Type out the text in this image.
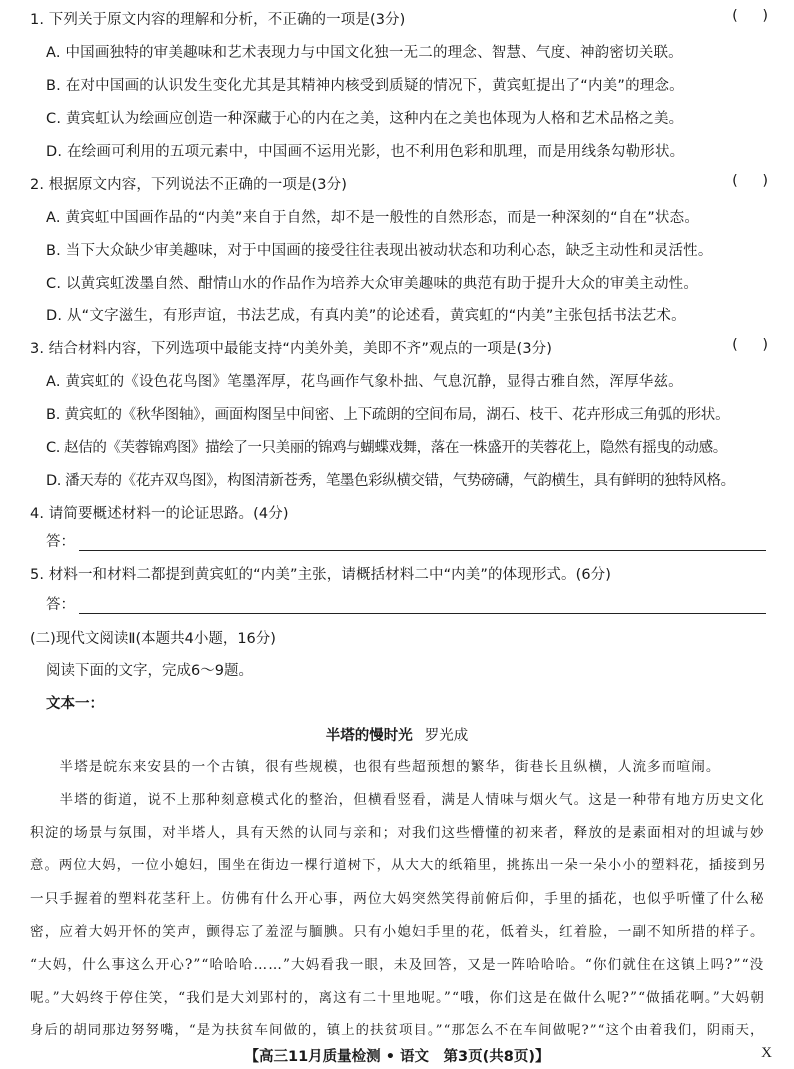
1. 下列关于原文内容的理解和分析，不正确的一项是(3分)	( )
A. 中国画独特的审美趣味和艺术表现力与中国文化独一无二的理念、智慧、气度、神韵密切关联。
B. 在对中国画的认识发生变化尤其是其精神内核受到质疑的情况下，黄宾虹提出了“内美”的理念。
C. 黄宾虹认为绘画应创造一种深藏于心的内在之美，这种内在之美也体现为人格和艺术品格之美。
D. 在绘画可利用的五项元素中，中国画不运用光影，也不利用色彩和肌理，而是用线条勾勒形状。
2. 根据原文内容，下列说法不正确的一项是(3分)	( )
A. 黄宾虹中国画作品的“内美”来自于自然，却不是一般性的自然形态，而是一种深刻的“自在”状态。
B. 当下大众缺少审美趣味，对于中国画的接受往往表现出被动状态和功利心态，缺乏主动性和灵活性。
C. 以黄宾虹泼墨自然、酣情山水的作品作为培养大众审美趣味的典范有助于提升大众的审美主动性。
D. 从“文字滋生，有形声谊，书法艺成，有真内美”的论述看，黄宾虹的“内美”主张包括书法艺术。
3. 结合材料内容，下列选项中最能支持“内美外美，美即不齐”观点的一项是(3分)	( )
A. 黄宾虹的《设色花鸟图》笔墨浑厚，花鸟画作气象朴拙、气息沉静，显得古雅自然，浑厚华兹。
B. 黄宾虹的《秋华图轴》，画面构图呈中间密、上下疏朗的空间布局，湖石、枝干、花卉形成三角弧的形状。
C. 赵佶的《芙蓉锦鸡图》描绘了一只美丽的锦鸡与蝴蝶戏舞，落在一株盛开的芙蓉花上，隐然有摇曳的动感。
D. 潘天寿的《花卉双鸟图》，构图清新苍秀，笔墨色彩纵横交错，气势磅礴，气韵横生，具有鲜明的独特风格。
4. 请简要概述材料一的论证思路。(4分)
答：
5. 材料一和材料二都提到黄宾虹的“内美”主张，请概括材料二中“内美”的体现形式。(6分)
答：
(二)现代文阅读Ⅱ(本题共4小题，16分)
阅读下面的文字，完成6～9题。
文本一：
半塔的慢时光 罗光成
　　半塔是皖东来安县的一个古镇，很有些规模，也很有些超预想的繁华，街巷长且纵横，人流多而喧闹。
　　半塔的街道，说不上那种刻意模式化的整治，但横看竖看，满是人情味与烟火气。这是一种带有地方历史文化
积淀的场景与氛围，对半塔人，具有天然的认同与亲和；对我们这些懵懂的初来者，释放的是素面相对的坦诚与妙
意。两位大妈，一位小媳妇，围坐在街边一棵行道树下，从大大的纸箱里，挑拣出一朵一朵小小的塑料花，插接到另
一只手握着的塑料花茎秆上。仿佛有什么开心事，两位大妈突然笑得前俯后仰，手里的插花，也似乎听懂了什么秘
密，应着大妈开怀的笑声，颤得忘了羞涩与腼腆。只有小媳妇手里的花，低着头，红着脸，一副不知所措的样子。
“大妈，什么事这么开心?”“哈哈哈……”大妈看我一眼，未及回答，又是一阵哈哈哈。“你们就住在这镇上吗?”“没
呢。”大妈终于停住笑，“我们是大刘郢村的，离这有二十里地呢。”“哦，你们这是在做什么呢?”“做插花啊。”大妈朝
身后的胡同那边努努嘴，“是为扶贫车间做的，镇上的扶贫项目。”“那怎么不在车间做呢?”“这个由着我们，阴雨天，
【高三11月质量检测 • 语文　第3页(共8页)】	X
